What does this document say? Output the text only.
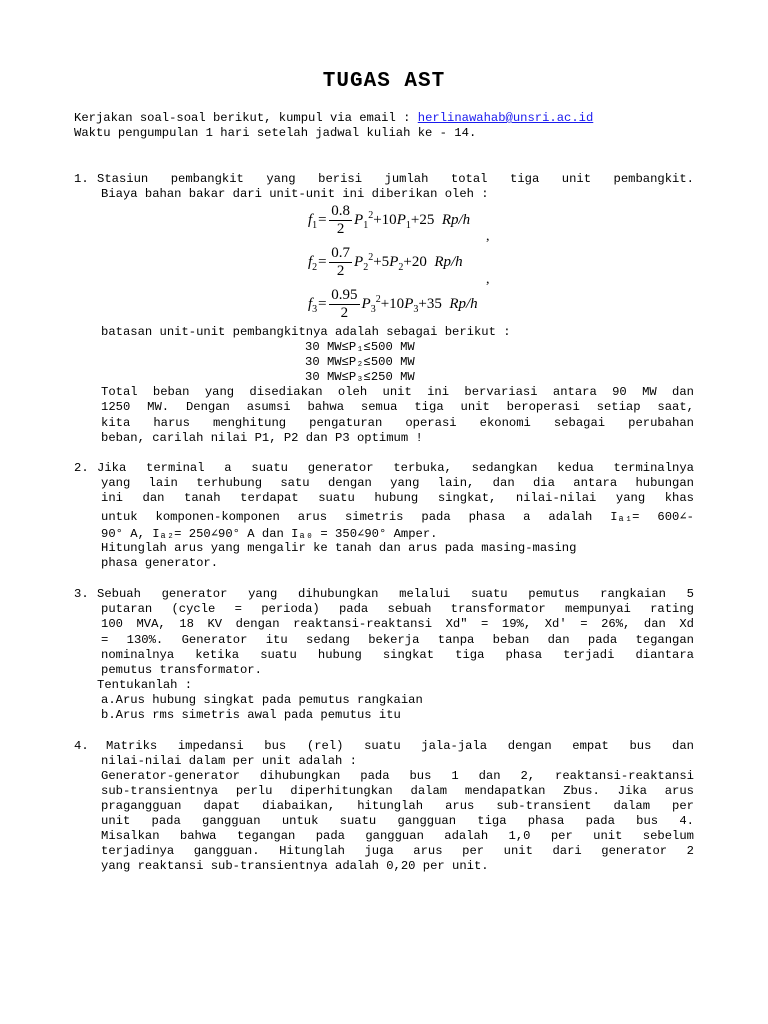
TUGAS AST
Kerjakan soal-soal berikut, kumpul via email : herlinawahab@unsri.ac.id
Waktu pengumpulan 1 hari setelah jadwal kuliah ke - 14.
1. Stasiun pembangkit yang berisi jumlah total tiga unit pembangkit.
Biaya bahan bakar dari unit-unit ini diberikan oleh :
$f_1= \frac{0.8}{2} P_1^2+10P_1+25$  Rp/h
,
$f_2= \frac{0.7}{2} P_2^2+5P_2+20$  Rp/h
,
$f_3= \frac{0.95}{2} P_3^2+10P_3+35$  Rp/h
batasan unit-unit pembangkitnya adalah sebagai berikut :
30 MW≤P₁≤500 MW
30 MW≤P₂≤500 MW
30 MW≤P₃≤250 MW
Total beban yang disediakan oleh unit ini bervariasi antara 90 MW dan
1250 MW. Dengan asumsi bahwa semua tiga unit beroperasi setiap saat,
kita harus menghitung pengaturan operasi ekonomi sebagai perubahan
beban, carilah nilai P1, P2 dan P3 optimum !
2. Jika terminal a suatu generator terbuka, sedangkan kedua terminalnya
yang lain terhubung satu dengan yang lain, dan dia antara hubungan
ini dan tanah terdapat suatu hubung singkat, nilai-nilai yang khas
untuk komponen-komponen arus simetris pada phasa a adalah Iₐ₁= 600∠-
90° A, Iₐ₂= 250∠90° A dan Iₐ₀ = 350∠90° Amper.
Hitunglah arus yang mengalir ke tanah dan arus pada masing-masing
phasa generator.
3. Sebuah generator yang dihubungkan melalui suatu pemutus rangkaian 5
putaran (cycle = perioda) pada sebuah transformator mempunyai rating
100 MVA, 18 KV dengan reaktansi-reaktansi Xd" = 19%, Xd' = 26%, dan Xd
= 130%. Generator itu sedang bekerja tanpa beban dan pada tegangan
nominalnya ketika suatu hubung singkat tiga phasa terjadi diantara
pemutus transformator.
Tentukanlah :
a.Arus hubung singkat pada pemutus rangkaian
b.Arus rms simetris awal pada pemutus itu
4. Matriks impedansi bus (rel) suatu jala-jala dengan empat bus dan
nilai-nilai dalam per unit adalah :
Generator-generator dihubungkan pada bus 1 dan 2, reaktansi-reaktansi
sub-transientnya perlu diperhitungkan dalam mendapatkan Zbus. Jika arus
pragangguan dapat diabaikan, hitunglah arus sub-transient dalam per
unit pada gangguan untuk suatu gangguan tiga phasa pada bus 4.
Misalkan bahwa tegangan pada gangguan adalah 1,0 per unit sebelum
terjadinya gangguan. Hitunglah juga arus per unit dari generator 2
yang reaktansi sub-transientnya adalah 0,20 per unit.
